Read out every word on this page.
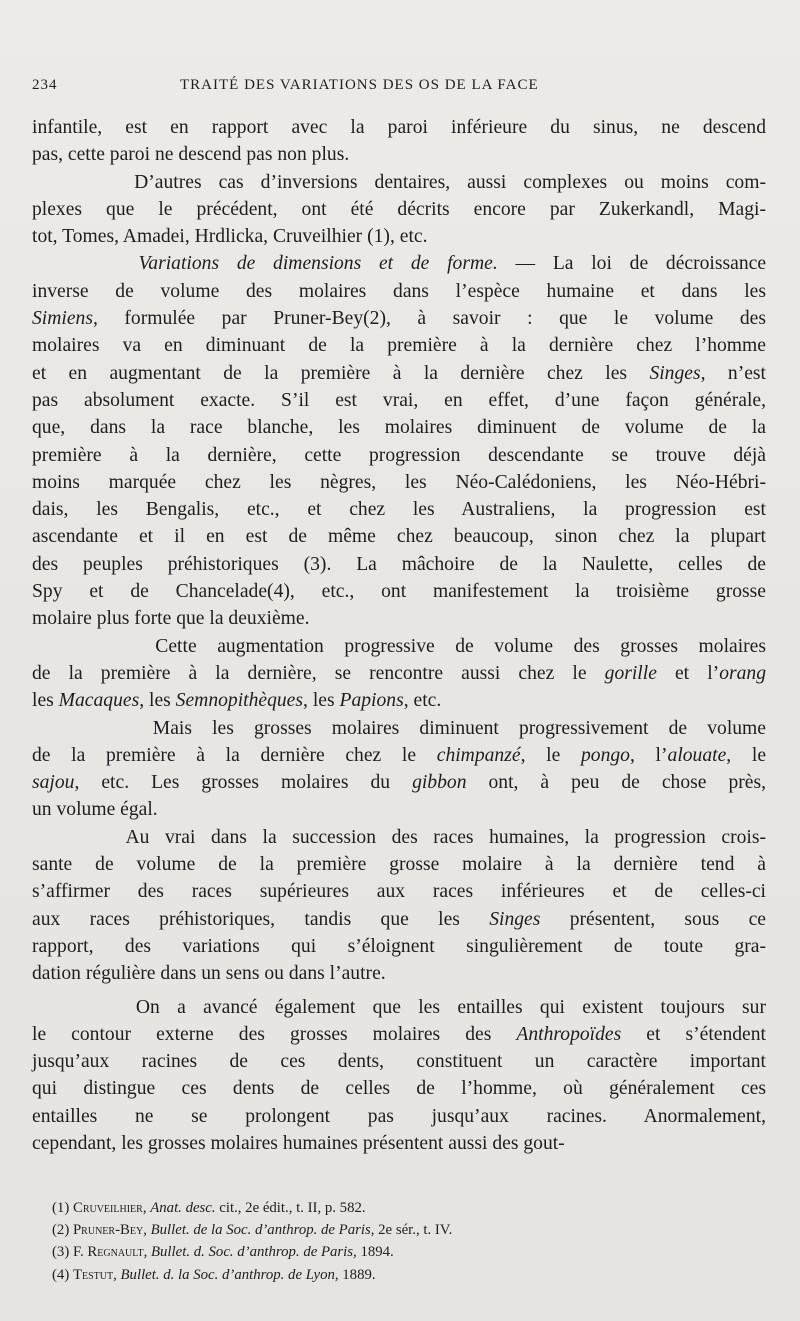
234	TRAITÉ DES VARIATIONS DES OS DE LA FACE
infantile, est en rapport avec la paroi inférieure du sinus, ne descend
pas, cette paroi ne descend pas non plus.
D’autres cas d’inversions dentaires, aussi complexes ou moins com-
plexes que le précédent, ont été décrits encore par Zukerkandl, Magi-
tot, Tomes, Amadei, Hrdlicka, Cruveilhier (1), etc.
Variations de dimensions et de forme. — La loi de décroissance
inverse de volume des molaires dans l’espèce humaine et dans les
Simiens, formulée par Pruner-Bey(2), à savoir : que le volume des
molaires va en diminuant de la première à la dernière chez l’homme
et en augmentant de la première à la dernière chez les Singes, n’est
pas absolument exacte. S’il est vrai, en effet, d’une façon générale,
que, dans la race blanche, les molaires diminuent de volume de la
première à la dernière, cette progression descendante se trouve déjà
moins marquée chez les nègres, les Néo-Calédoniens, les Néo-Hébri-
dais, les Bengalis, etc., et chez les Australiens, la progression est
ascendante et il en est de même chez beaucoup, sinon chez la plupart
des peuples préhistoriques (3). La mâchoire de la Naulette, celles de
Spy et de Chancelade(4), etc., ont manifestement la troisième grosse
molaire plus forte que la deuxième.
Cette augmentation progressive de volume des grosses molaires
de la première à la dernière, se rencontre aussi chez le gorille et l’orang
les Macaques, les Semnopithèques, les Papions, etc.
Mais les grosses molaires diminuent progressivement de volume
de la première à la dernière chez le chimpanzé, le pongo, l’alouate, le
sajou, etc. Les grosses molaires du gibbon ont, à peu de chose près,
un volume égal.
Au vrai dans la succession des races humaines, la progression crois-
sante de volume de la première grosse molaire à la dernière tend à
s’affirmer des races supérieures aux races inférieures et de celles-ci
aux races préhistoriques, tandis que les Singes présentent, sous ce
rapport, des variations qui s’éloignent singulièrement de toute gra-
dation régulière dans un sens ou dans l’autre.
On a avancé également que les entailles qui existent toujours sur
le contour externe des grosses molaires des Anthropoïdes et s’étendent
jusqu’aux racines de ces dents, constituent un caractère important
qui distingue ces dents de celles de l’homme, où généralement ces
entailles ne se prolongent pas jusqu’aux racines. Anormalement,
cependant, les grosses molaires humaines présentent aussi des gout-
(1) Cruveilhier, Anat. desc. cit., 2e édit., t. II, p. 582.
(2) Pruner-Bey, Bullet. de la Soc. d’anthrop. de Paris, 2e sér., t. IV.
(3) F. Regnault, Bullet. d. Soc. d’anthrop. de Paris, 1894.
(4) Testut, Bullet. d. la Soc. d’anthrop. de Lyon, 1889.
